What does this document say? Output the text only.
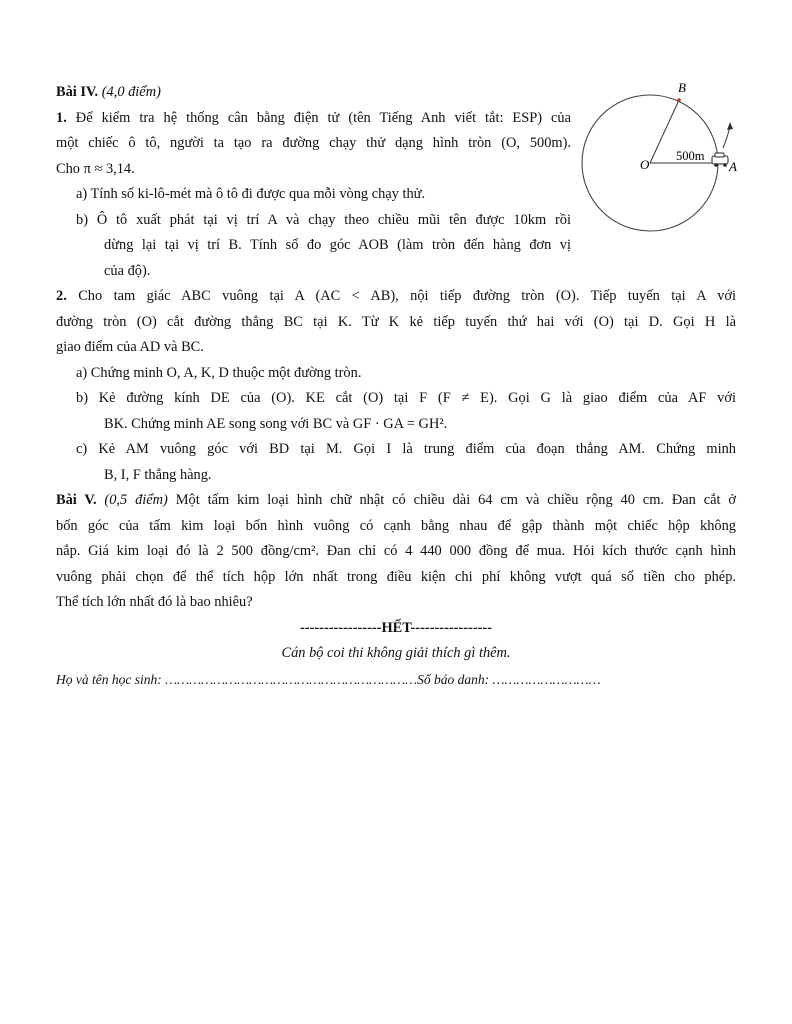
Bài IV. (4,0 điểm)
1. Để kiểm tra hệ thống cân bằng điện tử (tên Tiếng Anh viết tắt: ESP) của
một chiếc ô tô, người ta tạo ra đường chạy thử dạng hình tròn (O, 500m).
Cho π ≈ 3,14.
a) Tính số ki-lô-mét mà ô tô đi được qua mỗi vòng chạy thử.
b) Ô tô xuất phát tại vị trí A và chạy theo chiều mũi tên được 10km rồi
dừng lại tại vị trí B. Tính số đo góc AOB (làm tròn đến hàng đơn vị
của độ).
2. Cho tam giác ABC vuông tại A (AC < AB), nội tiếp đường tròn (O). Tiếp tuyến tại A với
đường tròn (O) cắt đường thẳng BC tại K. Từ K kẻ tiếp tuyến thứ hai với (O) tại D. Gọi H là
giao điểm của AD và BC.
a) Chứng minh O, A, K, D thuộc một đường tròn.
b) Kẻ đường kính DE của (O). KE cắt (O) tại F (F ≠ E). Gọi G là giao điểm của AF với
BK. Chứng minh AE song song với BC và GF · GA = GH².
c) Kẻ AM vuông góc với BD tại M. Gọi I là trung điểm của đoạn thẳng AM. Chứng minh
B, I, F thẳng hàng.
Bài V. (0,5 điểm) Một tấm kim loại hình chữ nhật có chiều dài 64 cm và chiều rộng 40 cm. Đan cắt ở
bốn góc của tấm kim loại bốn hình vuông có cạnh bằng nhau để gập thành một chiếc hộp không
nắp. Giá kim loại đó là 2 500 đồng/cm². Đan chỉ có 4 440 000 đồng để mua. Hỏi kích thước cạnh hình
vuông phải chọn để thể tích hộp lớn nhất trong điều kiện chi phí không vượt quá số tiền cho phép.
Thể tích lớn nhất đó là bao nhiêu?
-----------------HẾT-----------------
Cán bộ coi thi không giải thích gì thêm.
Họ và tên học sinh: ………………………………………………………Số báo danh: ………………………
B
O	A
500m
